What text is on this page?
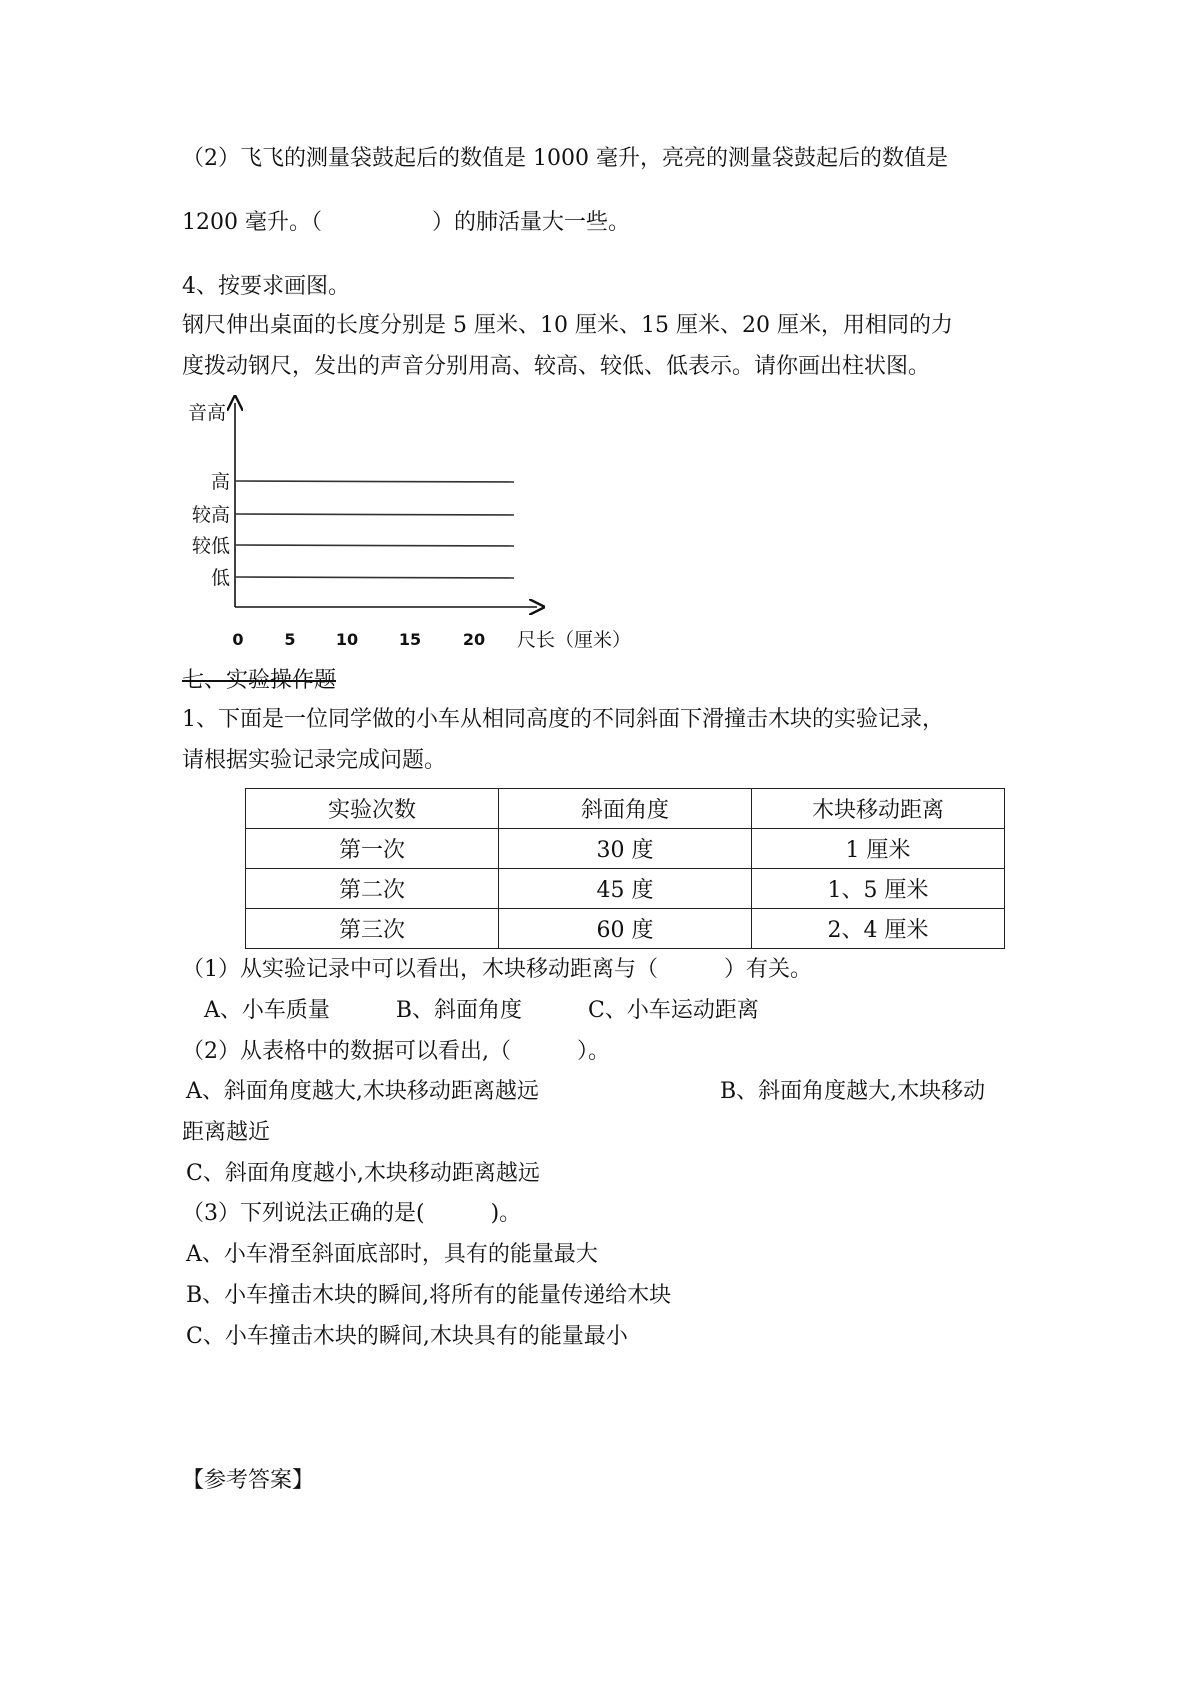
（2）飞飞的测量袋鼓起后的数值是 1000 毫升，亮亮的测量袋鼓起后的数值是
1200 毫升。（　　　　　）的肺活量大一些。
4、按要求画图。
钢尺伸出桌面的长度分别是 5 厘米、10 厘米、15 厘米、20 厘米，用相同的力
度拨动钢尺，发出的声音分别用高、较高、较低、低表示。请你画出柱状图。
音高
尺长（厘米）
低
较低
较高
高
0	5	10	15	20
七、实验操作题
1、下面是一位同学做的小车从相同高度的不同斜面下滑撞击木块的实验记录，
请根据实验记录完成问题。
实验次数	斜面角度	木块移动距离
第一次	30 度	1 厘米
第二次	45 度	1、5 厘米
第三次	60 度	2、4 厘米
（1）从实验记录中可以看出，木块移动距离与（　　　）有关。
A、小车质量　　　B、斜面角度　　　C、小车运动距离
（2）从表格中的数据可以看出,（　　　）。
A、斜面角度越大,木块移动距离越远	B、斜面角度越大,木块移动
距离越近
C、斜面角度越小,木块移动距离越远
（3）下列说法正确的是(　　　)。
A、小车滑至斜面底部时，具有的能量最大
B、小车撞击木块的瞬间,将所有的能量传递给木块
C、小车撞击木块的瞬间,木块具有的能量最小
【参考答案】
